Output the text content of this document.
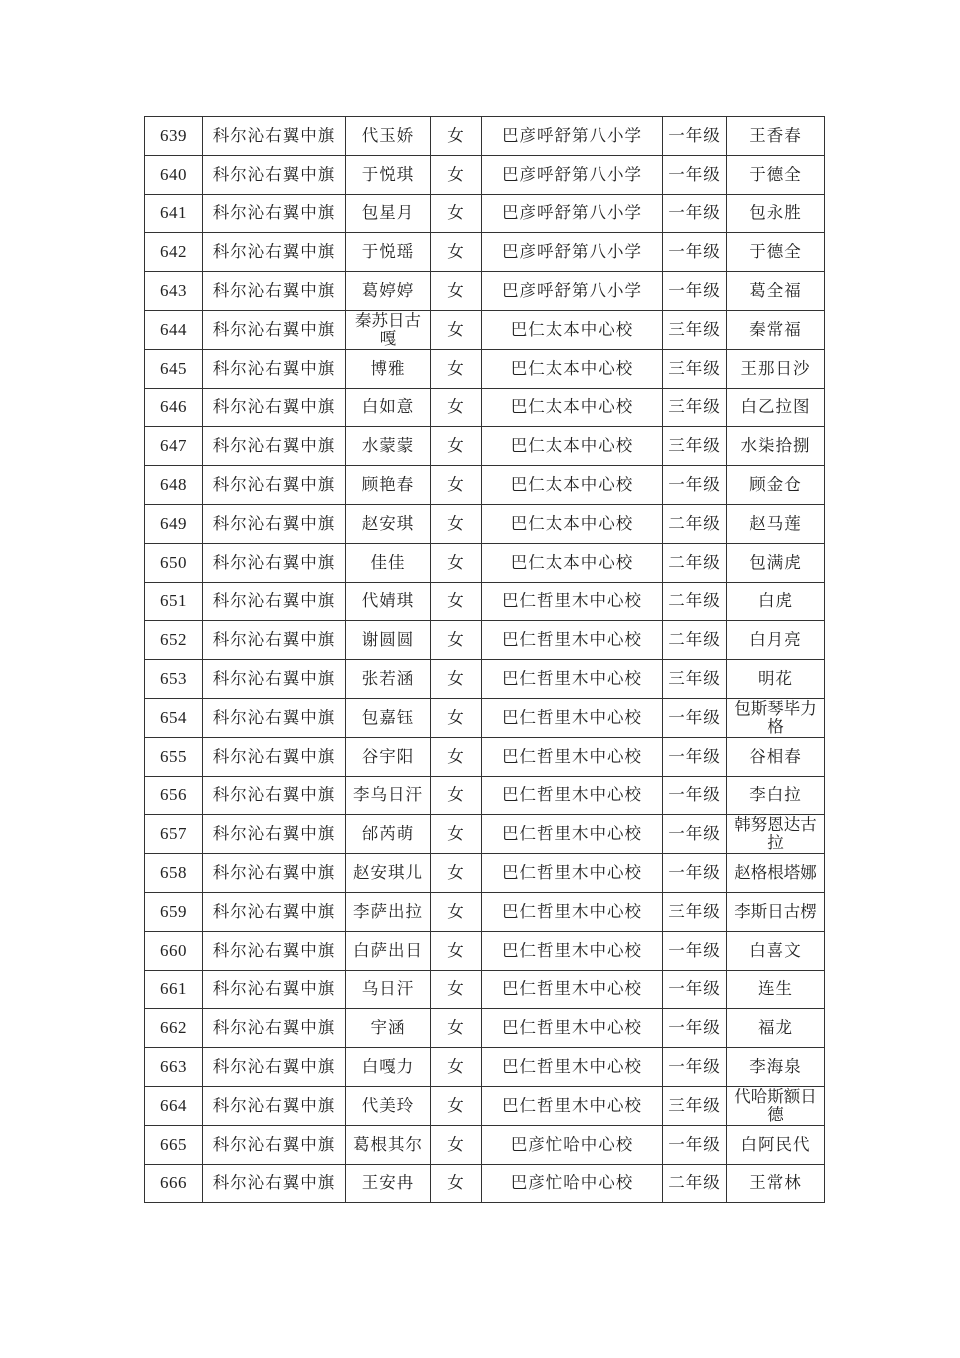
639	科尔沁右翼中旗	代玉娇	女	巴彦呼舒第八小学	一年级	王香春
640	科尔沁右翼中旗	于悦琪	女	巴彦呼舒第八小学	一年级	于德全
641	科尔沁右翼中旗	包星月	女	巴彦呼舒第八小学	一年级	包永胜
642	科尔沁右翼中旗	于悦瑶	女	巴彦呼舒第八小学	一年级	于德全
643	科尔沁右翼中旗	葛婷婷	女	巴彦呼舒第八小学	一年级	葛全福
644	科尔沁右翼中旗	秦苏日古嘎	女	巴仁太本中心校	三年级	秦常福
645	科尔沁右翼中旗	博雅	女	巴仁太本中心校	三年级	王那日沙
646	科尔沁右翼中旗	白如意	女	巴仁太本中心校	三年级	白乙拉图
647	科尔沁右翼中旗	水蒙蒙	女	巴仁太本中心校	三年级	水柒拾捌
648	科尔沁右翼中旗	顾艳春	女	巴仁太本中心校	一年级	顾金仓
649	科尔沁右翼中旗	赵安琪	女	巴仁太本中心校	二年级	赵马莲
650	科尔沁右翼中旗	佳佳	女	巴仁太本中心校	二年级	包满虎
651	科尔沁右翼中旗	代婧琪	女	巴仁哲里木中心校	二年级	白虎
652	科尔沁右翼中旗	谢圆圆	女	巴仁哲里木中心校	二年级	白月亮
653	科尔沁右翼中旗	张若涵	女	巴仁哲里木中心校	三年级	明花
654	科尔沁右翼中旗	包嘉钰	女	巴仁哲里木中心校	一年级	包斯琴毕力格
655	科尔沁右翼中旗	谷宇阳	女	巴仁哲里木中心校	一年级	谷相春
656	科尔沁右翼中旗	李乌日汗	女	巴仁哲里木中心校	一年级	李白拉
657	科尔沁右翼中旗	邰芮萌	女	巴仁哲里木中心校	一年级	韩努恩达古拉
658	科尔沁右翼中旗	赵安琪儿	女	巴仁哲里木中心校	一年级	赵格根塔娜
659	科尔沁右翼中旗	李萨出拉	女	巴仁哲里木中心校	三年级	李斯日古楞
660	科尔沁右翼中旗	白萨出日	女	巴仁哲里木中心校	一年级	白喜文
661	科尔沁右翼中旗	乌日汗	女	巴仁哲里木中心校	一年级	连生
662	科尔沁右翼中旗	宇涵	女	巴仁哲里木中心校	一年级	福龙
663	科尔沁右翼中旗	白嘎力	女	巴仁哲里木中心校	一年级	李海泉
664	科尔沁右翼中旗	代美玲	女	巴仁哲里木中心校	三年级	代哈斯额日德
665	科尔沁右翼中旗	葛根其尔	女	巴彦忙哈中心校	一年级	白阿民代
666	科尔沁右翼中旗	王安冉	女	巴彦忙哈中心校	二年级	王常林
